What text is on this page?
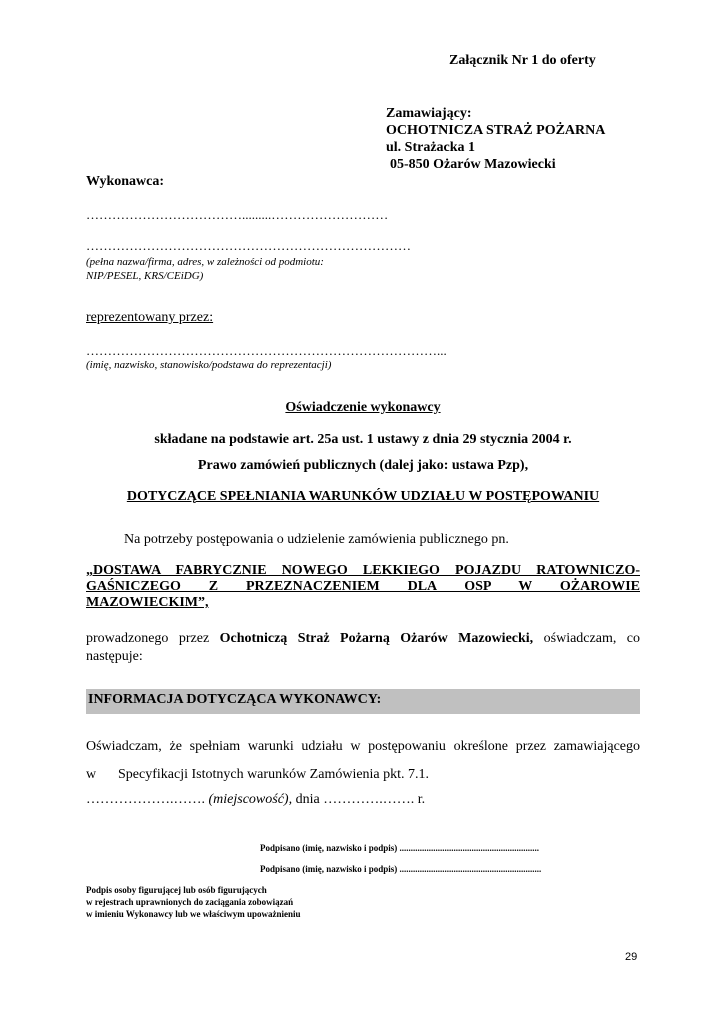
Załącznik Nr 1 do oferty
Zamawiający:
OCHOTNICZA STRAŻ POŻARNA
ul. Strażacka 1
05-850 Ożarów Mazowiecki
Wykonawca:
……………………………….........………………………
…………………………………………………………………
(pełna nazwa/firma, adres, w zależności od podmiotu:
NIP/PESEL, KRS/CEiDG)
reprezentowany przez:
………………………………………………………………………...
(imię, nazwisko, stanowisko/podstawa do reprezentacji)
Oświadczenie wykonawcy
składane na podstawie art. 25a ust. 1 ustawy z dnia 29 stycznia 2004 r.
Prawo zamówień publicznych (dalej jako: ustawa Pzp),
DOTYCZĄCE SPEŁNIANIA WARUNKÓW UDZIAŁU W POSTĘPOWANIU
Na potrzeby postępowania o udzielenie zamówienia publicznego pn.
„DOSTAWA FABRYCZNIE NOWEGO LEKKIEGO POJAZDU RATOWNICZO-
GAŚNICZEGO Z PRZEZNACZENIEM DLA OSP W OŻAROWIE
MAZOWIECKIM”,
prowadzonego przez Ochotniczą Straż Pożarną Ożarów Mazowiecki, oświadczam, co
następuje:
INFORMACJA DOTYCZĄCA WYKONAWCY:
Oświadczam, że spełniam warunki udziału w postępowaniu określone przez zamawiającego
w Specyfikacji Istotnych warunków Zamówienia pkt. 7.1.
……………….……. (miejscowość), dnia ………….……. r.
Podpisano (imię, nazwisko i podpis) ..............................................................
Podpisano (imię, nazwisko i podpis) ...............................................................
Podpis osoby figurującej lub osób figurujących
w rejestrach uprawnionych do zaciągania zobowiązań
w imieniu Wykonawcy lub we właściwym upoważnieniu
29
